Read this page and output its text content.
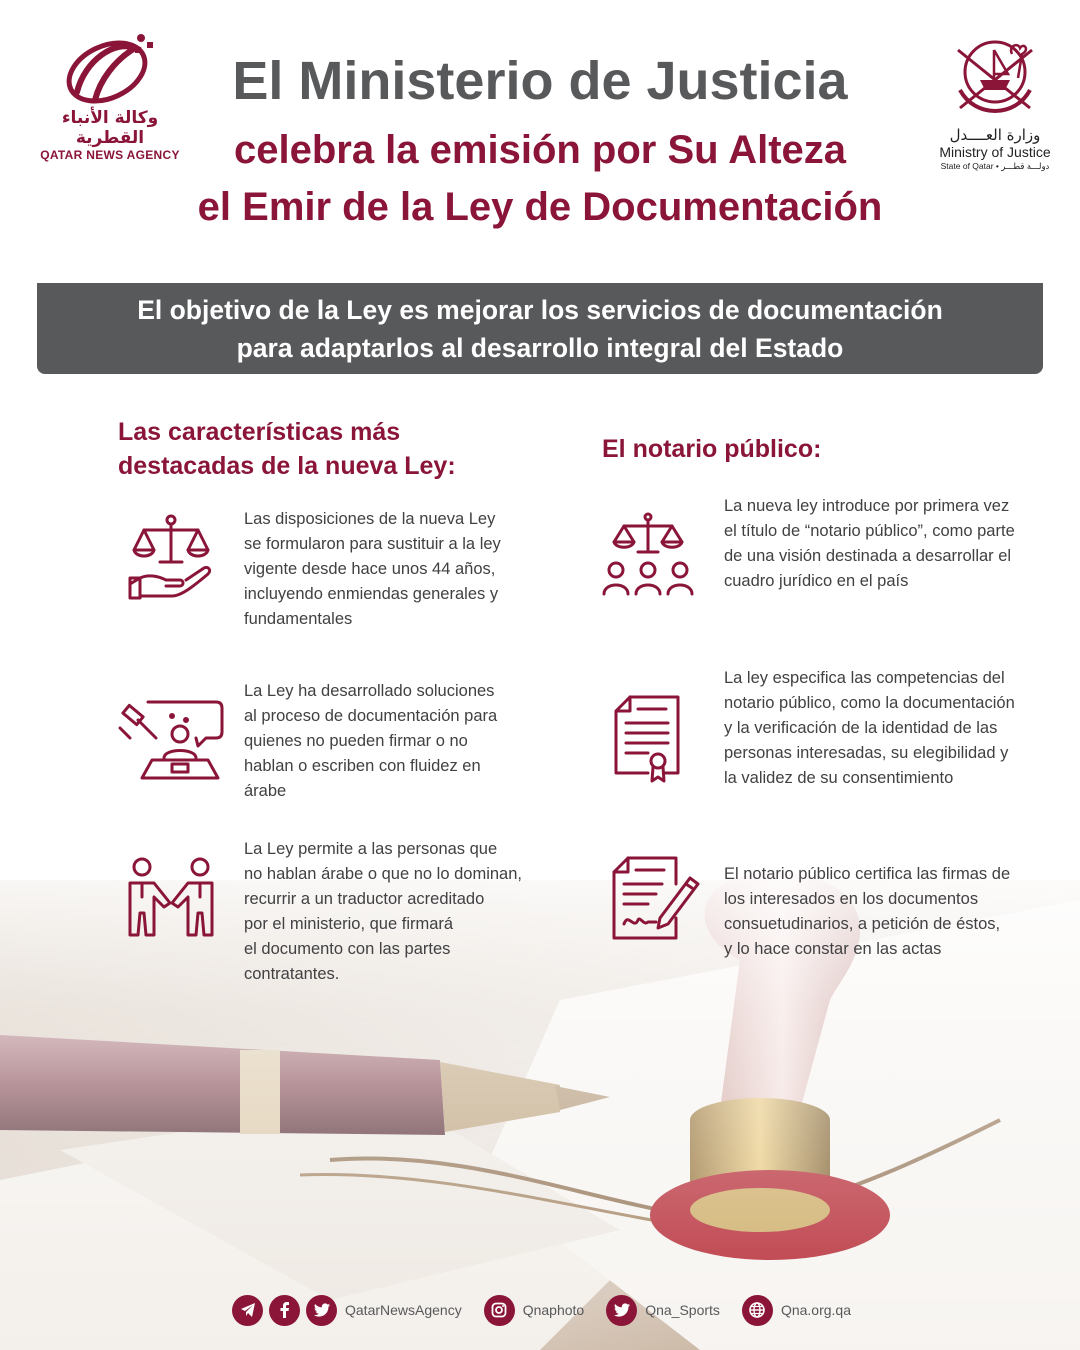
وكالة الأنباء القطرية
QATAR NEWS AGENCY
وزارة العــــدل
Ministry of Justice
State of Qatar • دولـــة قطـــر
El Ministerio de Justicia
celebra la emisión por Su Alteza
el Emir de la Ley de Documentación
El objetivo de la Ley es mejorar los servicios de documentación
para adaptarlos al desarrollo integral del Estado
Las características más
destacadas de la nueva Ley:
El notario público:
Las disposiciones de la nueva Ley
se formularon para sustituir a la ley
vigente desde hace unos 44 años,
incluyendo enmiendas generales y
fundamentales
La Ley ha desarrollado soluciones
al proceso de documentación para
quienes no pueden firmar o no
hablan o escriben con fluidez en
árabe
La Ley permite a las personas que
no hablan árabe o que no lo dominan,
recurrir a un traductor acreditado
por el ministerio, que firmará
el documento con las partes
contratantes.
La nueva ley introduce por primera vez
el título de “notario público”, como parte
de una visión destinada a desarrollar el
cuadro jurídico en el país
La ley especifica las competencias del
notario público, como la documentación
y la verificación de la identidad de las
personas interesadas, su elegibilidad y
la validez de su consentimiento
El notario público certifica las firmas de
los interesados en los documentos
consuetudinarios, a petición de éstos,
y lo hace constar en las actas
QatarNewsAgency	Qnaphoto	Qna_Sports	Qna.org.qa
